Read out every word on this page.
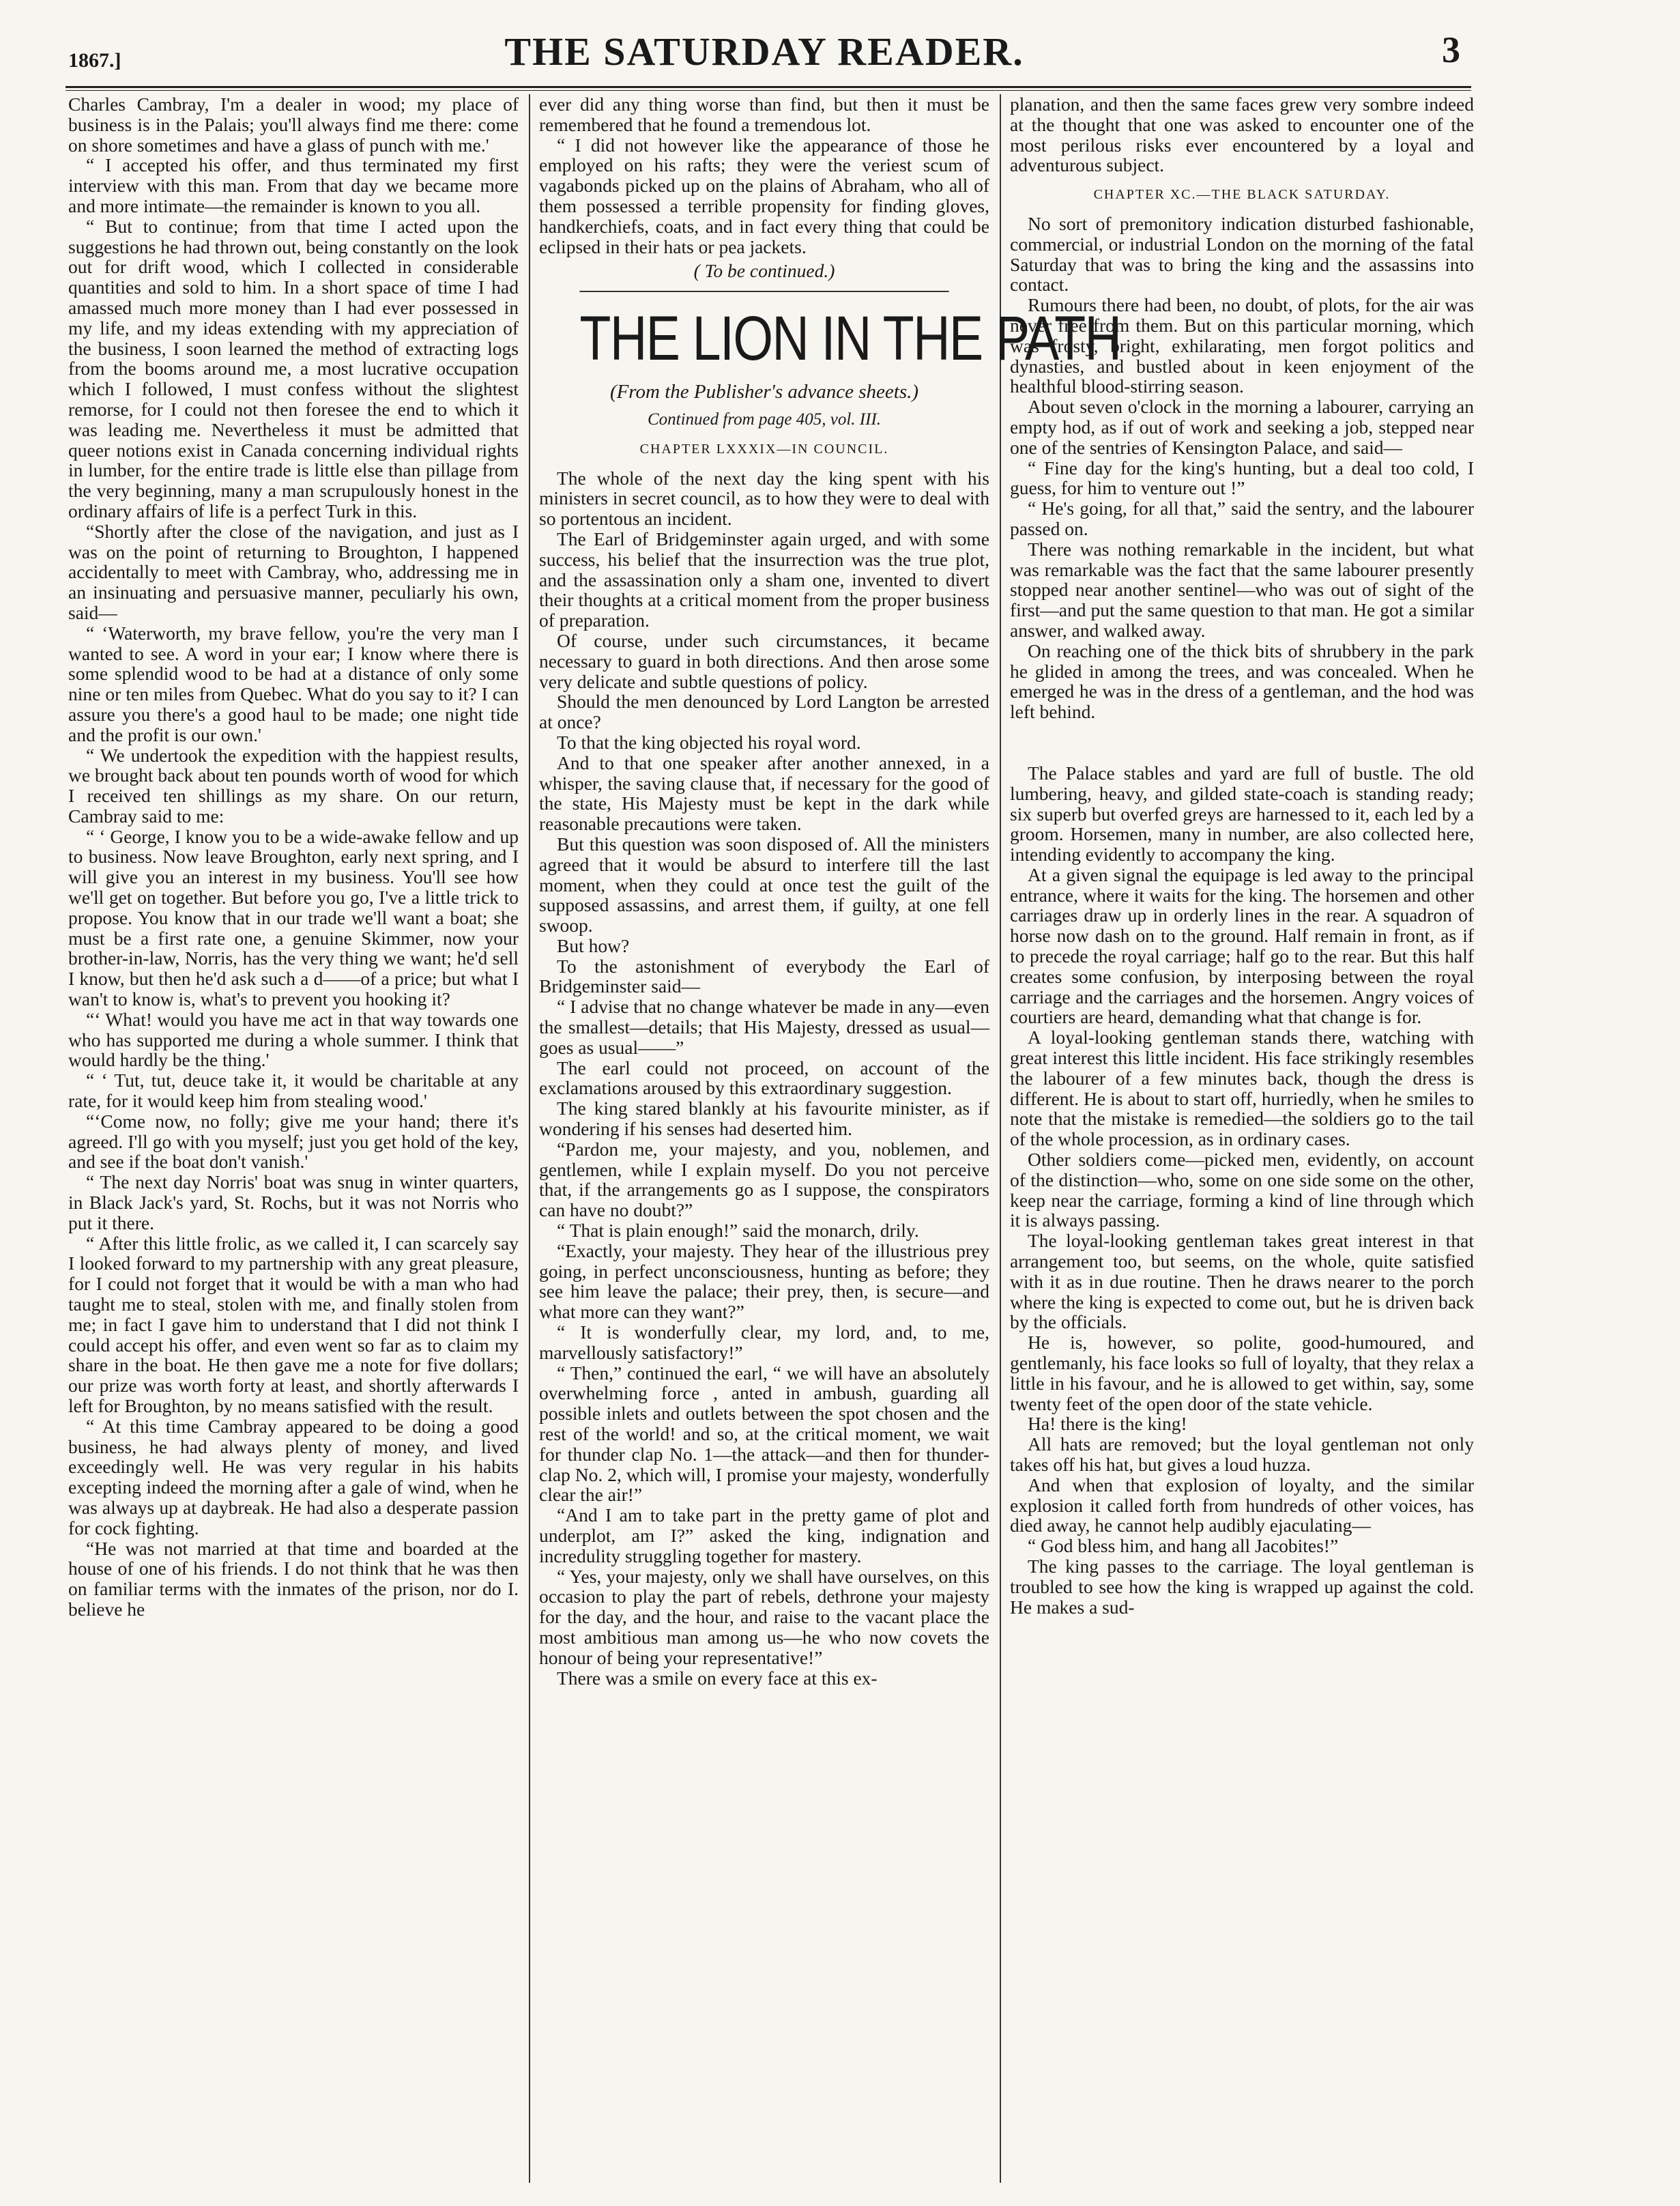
1867.]	THE SATURDAY READER.	3

Charles Cambray, I'm a dealer in wood; my place of business is in the Palais; you'll always find me there: come on shore sometimes and have a glass of punch with me.'

“ I accepted his offer, and thus terminated my first interview with this man. From that day we became more and more intimate—the remainder is known to you all.

“ But to continue; from that time I acted upon the suggestions he had thrown out, being constantly on the look out for drift wood, which I collected in considerable quantities and sold to him. In a short space of time I had amassed much more money than I had ever possessed in my life, and my ideas extending with my appreciation of the business, I soon learned the method of extracting logs from the booms around me, a most lucrative occupation which I followed, I must confess without the slightest remorse, for I could not then foresee the end to which it was leading me. Nevertheless it must be admitted that queer notions exist in Canada concerning individual rights in lumber, for the entire trade is little else than pillage from the very beginning, many a man scrupulously honest in the ordinary affairs of life is a perfect Turk in this.

“Shortly after the close of the navigation, and just as I was on the point of returning to Broughton, I happened accidentally to meet with Cambray, who, addressing me in an insinuating and persuasive manner, peculiarly his own, said—

“ ‘Waterworth, my brave fellow, you're the very man I wanted to see. A word in your ear; I know where there is some splendid wood to be had at a distance of only some nine or ten miles from Quebec. What do you say to it? I can assure you there's a good haul to be made; one night tide and the profit is our own.'

“ We undertook the expedition with the happiest results, we brought back about ten pounds worth of wood for which I received ten shillings as my share. On our return, Cambray said to me:

“ ‘ George, I know you to be a wide-awake fellow and up to business. Now leave Broughton, early next spring, and I will give you an interest in my business. You'll see how we'll get on together. But before you go, I've a little trick to propose. You know that in our trade we'll want a boat; she must be a first rate one, a genuine Skimmer, now your brother-in-law, Norris, has the very thing we want; he'd sell I know, but then he'd ask such a d——of a price; but what I wan't to know is, what's to prevent you hooking it?

“‘ What! would you have me act in that way towards one who has supported me during a whole summer. I think that would hardly be the thing.'

“ ‘ Tut, tut, deuce take it, it would be charitable at any rate, for it would keep him from stealing wood.'

“‘Come now, no folly; give me your hand; there it's agreed. I'll go with you myself; just you get hold of the key, and see if the boat don't vanish.'

“ The next day Norris' boat was snug in winter quarters, in Black Jack's yard, St. Rochs, but it was not Norris who put it there.

“ After this little frolic, as we called it, I can scarcely say I looked forward to my partnership with any great pleasure, for I could not forget that it would be with a man who had taught me to steal, stolen with me, and finally stolen from me; in fact I gave him to understand that I did not think I could accept his offer, and even went so far as to claim my share in the boat. He then gave me a note for five dollars; our prize was worth forty at least, and shortly afterwards I left for Broughton, by no means satisfied with the result.

“ At this time Cambray appeared to be doing a good business, he had always plenty of money, and lived exceedingly well. He was very regular in his habits excepting indeed the morning after a gale of wind, when he was always up at daybreak. He had also a desperate passion for cock fighting.

“He was not married at that time and boarded at the house of one of his friends. I do not think that he was then on familiar terms with the inmates of the prison, nor do I. believe he

ever did any thing worse than find, but then it must be remembered that he found a tremendous lot.

“ I did not however like the appearance of those he employed on his rafts; they were the veriest scum of vagabonds picked up on the plains of Abraham, who all of them possessed a terrible propensity for finding gloves, handkerchiefs, coats, and in fact every thing that could be eclipsed in their hats or pea jackets.

( To be continued.)

THE LION IN THE PATH
(From the Publisher's advance sheets.)
Continued from page 405, vol. III.
CHAPTER LXXXIX—IN COUNCIL.

The whole of the next day the king spent with his ministers in secret council, as to how they were to deal with so portentous an incident.

The Earl of Bridgeminster again urged, and with some success, his belief that the insurrection was the true plot, and the assassination only a sham one, invented to divert their thoughts at a critical moment from the proper business of preparation.

Of course, under such circumstances, it became necessary to guard in both directions. And then arose some very delicate and subtle questions of policy.

Should the men denounced by Lord Langton be arrested at once?

To that the king objected his royal word.

And to that one speaker after another annexed, in a whisper, the saving clause that, if necessary for the good of the state, His Majesty must be kept in the dark while reasonable precautions were taken.

But this question was soon disposed of. All the ministers agreed that it would be absurd to interfere till the last moment, when they could at once test the guilt of the supposed assassins, and arrest them, if guilty, at one fell swoop.

But how?

To the astonishment of everybody the Earl of Bridgeminster said—

“ I advise that no change whatever be made in any—even the smallest—details; that His Majesty, dressed as usual—goes as usual——”

The earl could not proceed, on account of the exclamations aroused by this extraordinary suggestion.

The king stared blankly at his favourite minister, as if wondering if his senses had deserted him.

“Pardon me, your majesty, and you, noblemen, and gentlemen, while I explain myself. Do you not perceive that, if the arrangements go as I suppose, the conspirators can have no doubt?”

“ That is plain enough!” said the monarch, drily.

“Exactly, your majesty. They hear of the illustrious prey going, in perfect unconsciousness, hunting as before; they see him leave the palace; their prey, then, is secure—and what more can they want?”

“ It is wonderfully clear, my lord, and, to me, marvellously satisfactory!”

“ Then,” continued the earl, “ we will have an absolutely overwhelming force , anted in ambush, guarding all possible inlets and outlets between the spot chosen and the rest of the world! and so, at the critical moment, we wait for thunder clap No. 1—the attack—and then for thunder-clap No. 2, which will, I promise your majesty, wonderfully clear the air!”

“And I am to take part in the pretty game of plot and underplot, am I?” asked the king, indignation and incredulity struggling together for mastery.

“ Yes, your majesty, only we shall have ourselves, on this occasion to play the part of rebels, dethrone your majesty for the day, and the hour, and raise to the vacant place the most ambitious man among us—he who now covets the honour of being your representative!”

There was a smile on every face at this ex-

planation, and then the same faces grew very sombre indeed at the thought that one was asked to encounter one of the most perilous risks ever encountered by a loyal and adventurous subject.

CHAPTER XC.—THE BLACK SATURDAY.

No sort of premonitory indication disturbed fashionable, commercial, or industrial London on the morning of the fatal Saturday that was to bring the king and the assassins into contact.

Rumours there had been, no doubt, of plots, for the air was never free from them. But on this particular morning, which was frosty, bright, exhilarating, men forgot politics and dynasties, and bustled about in keen enjoyment of the healthful blood-stirring season.

About seven o'clock in the morning a labourer, carrying an empty hod, as if out of work and seeking a job, stepped near one of the sentries of Kensington Palace, and said—

“ Fine day for the king's hunting, but a deal too cold, I guess, for him to venture out !”

“ He's going, for all that,” said the sentry, and the labourer passed on.

There was nothing remarkable in the incident, but what was remarkable was the fact that the same labourer presently stopped near another sentinel—who was out of sight of the first—and put the same question to that man. He got a similar answer, and walked away.

On reaching one of the thick bits of shrubbery in the park he glided in among the trees, and was concealed. When he emerged he was in the dress of a gentleman, and the hod was left behind.

The Palace stables and yard are full of bustle. The old lumbering, heavy, and gilded state-coach is standing ready; six superb but overfed greys are harnessed to it, each led by a groom. Horsemen, many in number, are also collected here, intending evidently to accompany the king.

At a given signal the equipage is led away to the principal entrance, where it waits for the king. The horsemen and other carriages draw up in orderly lines in the rear. A squadron of horse now dash on to the ground. Half remain in front, as if to precede the royal carriage; half go to the rear. But this half creates some confusion, by interposing between the royal carriage and the carriages and the horsemen. Angry voices of courtiers are heard, demanding what that change is for.

A loyal-looking gentleman stands there, watching with great interest this little incident. His face strikingly resembles the labourer of a few minutes back, though the dress is different. He is about to start off, hurriedly, when he smiles to note that the mistake is remedied—the soldiers go to the tail of the whole procession, as in ordinary cases.

Other soldiers come—picked men, evidently, on account of the distinction—who, some on one side some on the other, keep near the carriage, forming a kind of line through which it is always passing.

The loyal-looking gentleman takes great interest in that arrangement too, but seems, on the whole, quite satisfied with it as in due routine. Then he draws nearer to the porch where the king is expected to come out, but he is driven back by the officials.

He is, however, so polite, good-humoured, and gentlemanly, his face looks so full of loyalty, that they relax a little in his favour, and he is allowed to get within, say, some twenty feet of the open door of the state vehicle.

Ha! there is the king!

All hats are removed; but the loyal gentleman not only takes off his hat, but gives a loud huzza.

And when that explosion of loyalty, and the similar explosion it called forth from hundreds of other voices, has died away, he cannot help audibly ejaculating—

“ God bless him, and hang all Jacobites!”

The king passes to the carriage. The loyal gentleman is troubled to see how the king is wrapped up against the cold. He makes a sud-
